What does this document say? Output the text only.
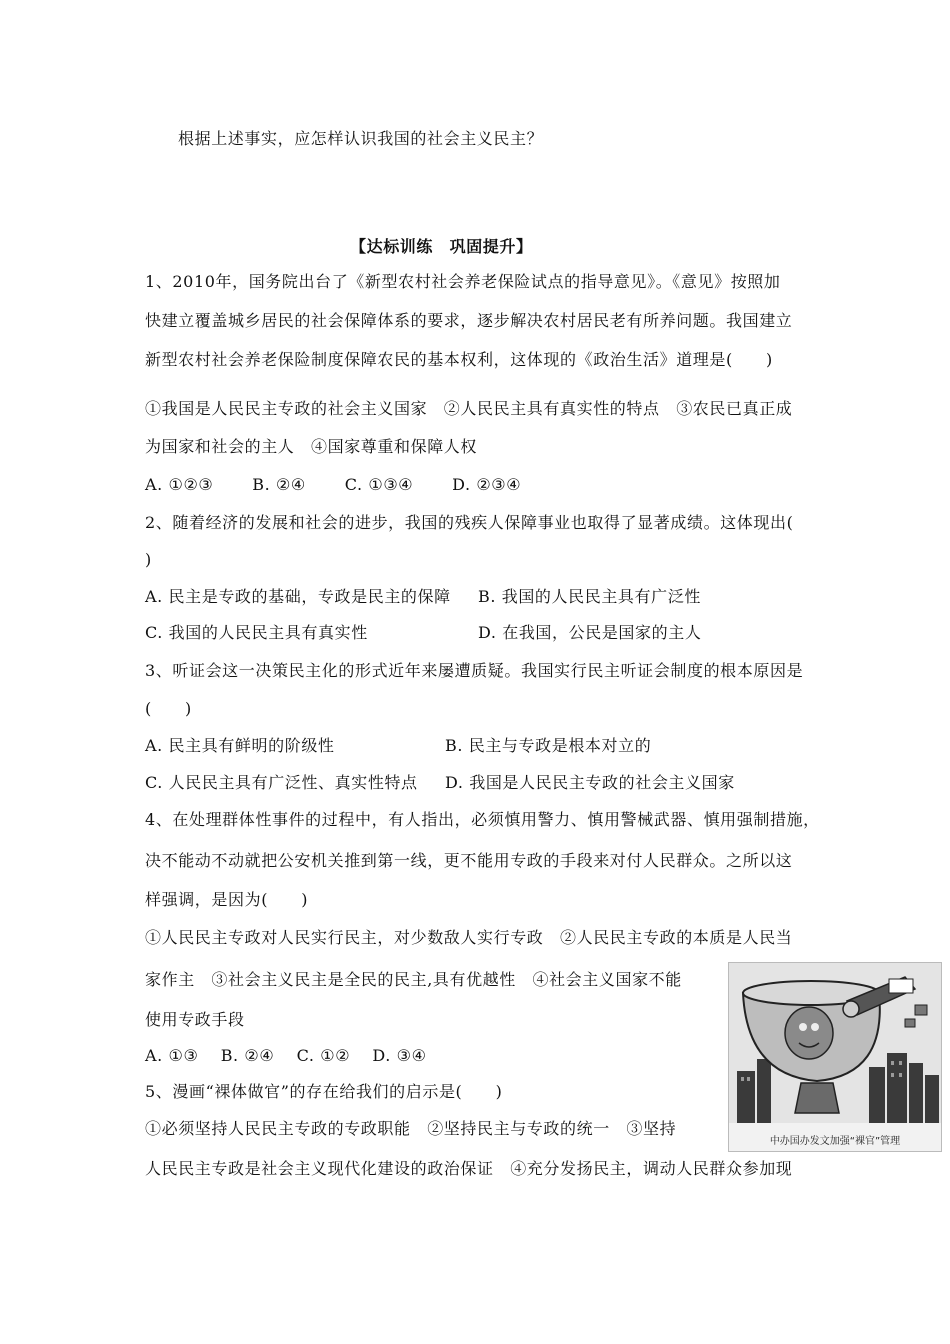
根据上述事实，应怎样认识我国的社会主义民主？
【达标训练　巩固提升】
1、2010年，国务院出台了《新型农村社会养老保险试点的指导意见》。《意见》按照加
快建立覆盖城乡居民的社会保障体系的要求，逐步解决农村居民老有所养问题。我国建立
新型农村社会养老保险制度保障农民的基本权利，这体现的《政治生活》道理是(　　)
①我国是人民民主专政的社会主义国家　②人民民主具有真实性的特点　③农民已真正成
为国家和社会的主人　④国家尊重和保障人权
A. ①②③　　 B. ②④　　 C. ①③④　　 D. ②③④
2、随着经济的发展和社会的进步，我国的残疾人保障事业也取得了显著成绩。这体现出(
)
A. 民主是专政的基础，专政是民主的保障 B. 我国的人民民主具有广泛性
C. 我国的人民民主具有真实性	D. 在我国，公民是国家的主人
3、听证会这一决策民主化的形式近年来屡遭质疑。我国实行民主听证会制度的根本原因是
(　　)
A. 民主具有鲜明的阶级性	B. 民主与专政是根本对立的
C. 人民民主具有广泛性、真实性特点 D. 我国是人民民主专政的社会主义国家
4、在处理群体性事件的过程中，有人指出，必须慎用警力、慎用警械武器、慎用强制措施，
决不能动不动就把公安机关推到第一线，更不能用专政的手段来对付人民群众。之所以这
样强调，是因为(　　)
①人民民主专政对人民实行民主，对少数敌人实行专政　②人民民主专政的本质是人民当
家作主　③社会主义民主是全民的民主,具有优越性　④社会主义国家不能
使用专政手段
A. ①③　 B. ②④　 C. ①②　 D. ③④
5、漫画“裸体做官”的存在给我们的启示是(　　)
①必须坚持人民民主专政的专政职能　②坚持民主与专政的统一　③坚持
人民民主专政是社会主义现代化建设的政治保证　④充分发扬民主，调动人民群众参加现
中办国办发文加强“裸官”管理
